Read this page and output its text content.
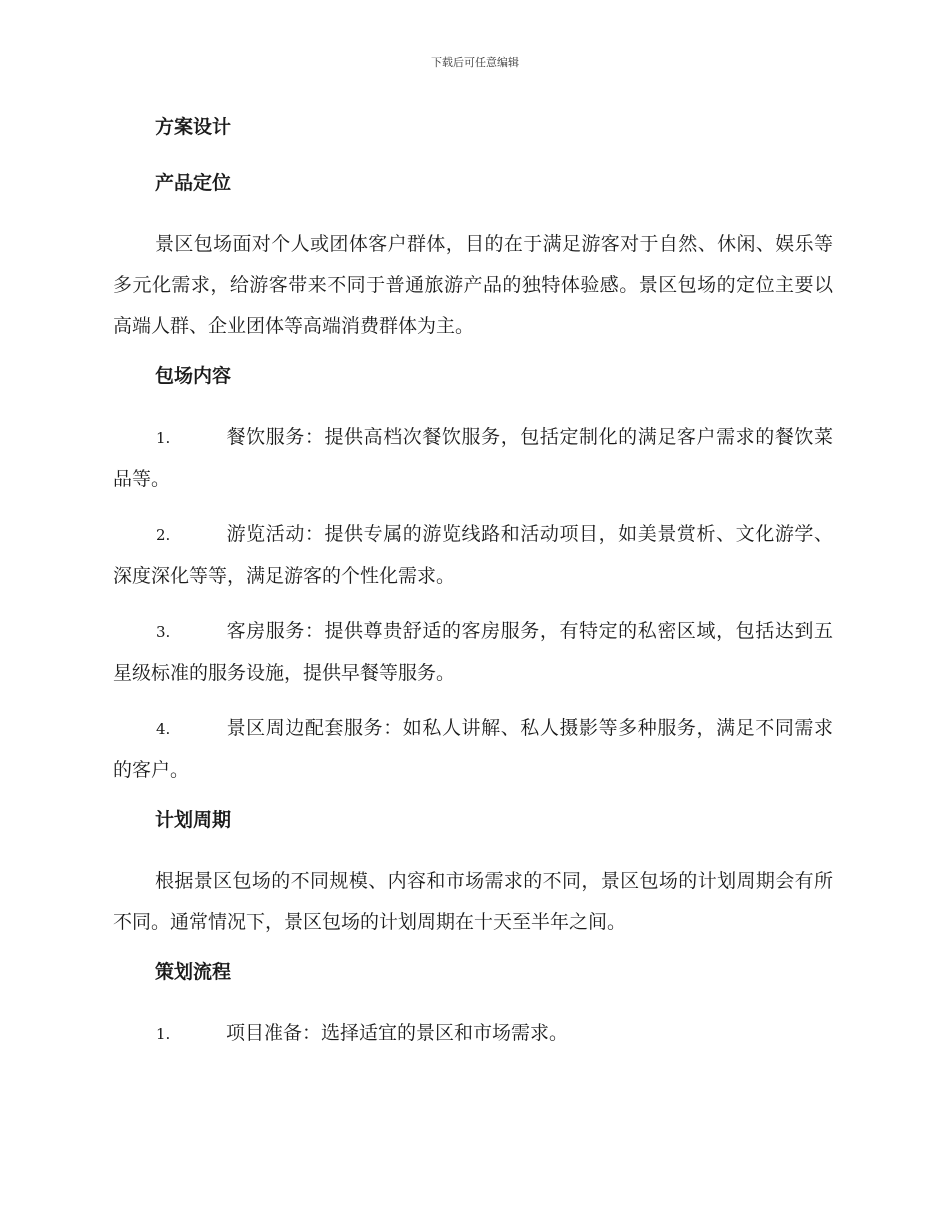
下载后可任意编辑
方案设计
产品定位
景区包场面对个人或团体客户群体，目的在于满足游客对于自然、休闲、娱乐等多元化需求，给游客带来不同于普通旅游产品的独特体验感。景区包场的定位主要以高端人群、企业团体等高端消费群体为主。
包场内容
1.	餐饮服务：提供高档次餐饮服务，包括定制化的满足客户需求的餐饮菜品等。
2.	游览活动：提供专属的游览线路和活动项目，如美景赏析、文化游学、深度深化等等，满足游客的个性化需求。
3.	客房服务：提供尊贵舒适的客房服务，有特定的私密区域，包括达到五星级标准的服务设施，提供早餐等服务。
4.	景区周边配套服务：如私人讲解、私人摄影等多种服务，满足不同需求的客户。
计划周期
根据景区包场的不同规模、内容和市场需求的不同，景区包场的计划周期会有所不同。通常情况下，景区包场的计划周期在十天至半年之间。
策划流程
1.	项目准备：选择适宜的景区和市场需求。
